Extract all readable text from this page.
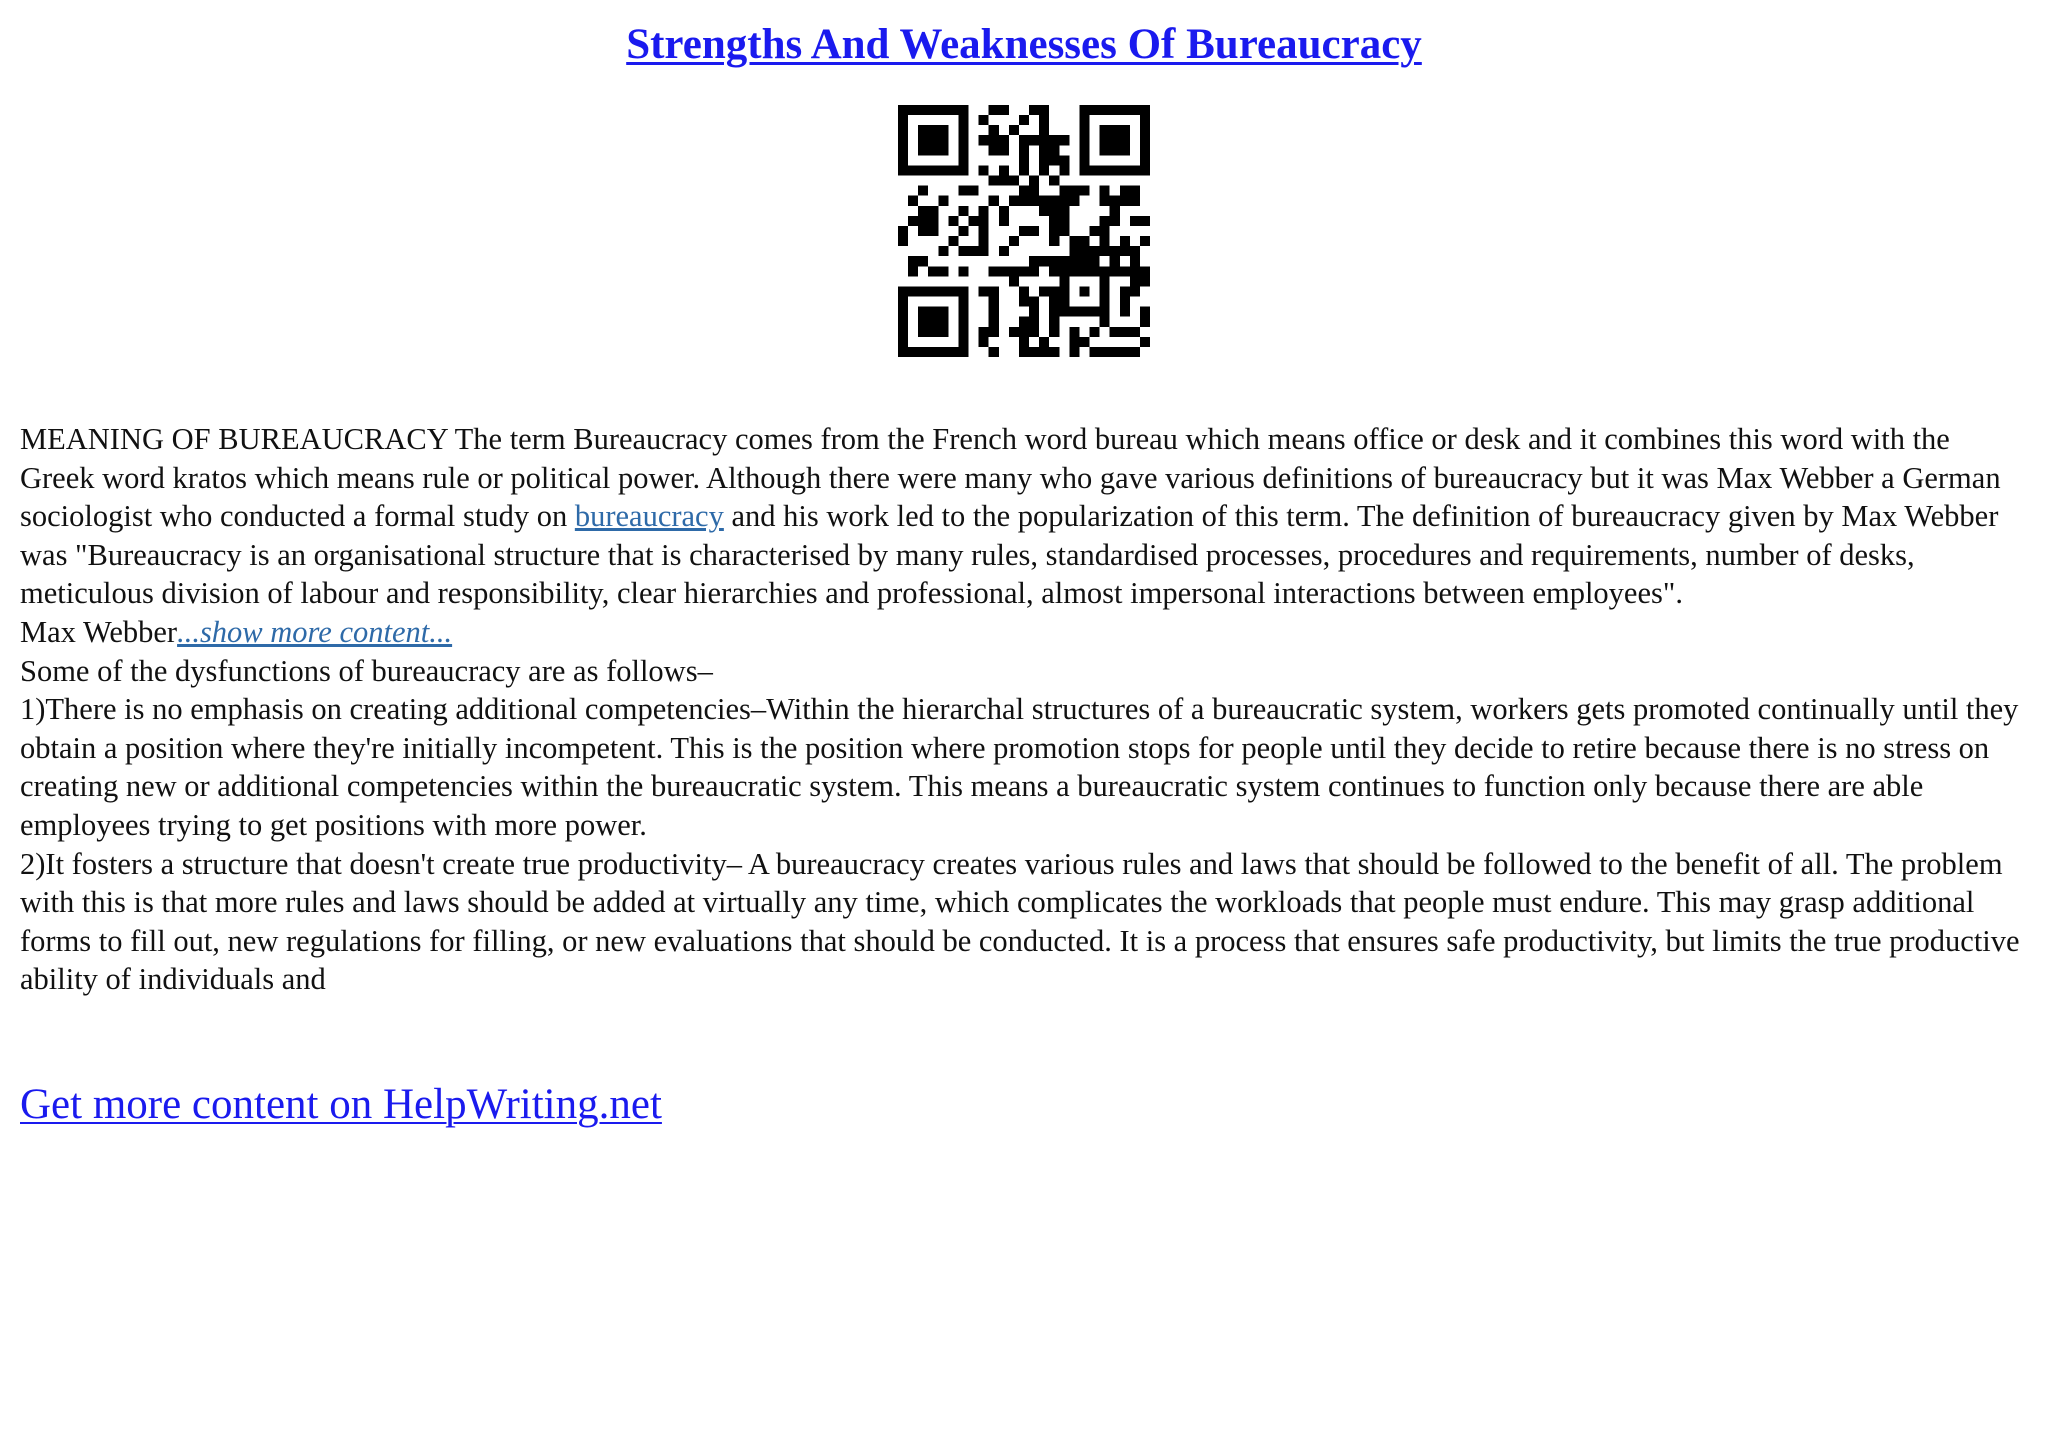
Strengths And Weaknesses Of Bureaucracy

MEANING OF BUREAUCRACY The term Bureaucracy comes from the French word bureau which means office or desk and it combines this word with the Greek word kratos which means rule or political power. Although there were many who gave various definitions of bureaucracy but it was Max Webber a German sociologist who conducted a formal study on bureaucracy and his work led to the popularization of this term. The definition of bureaucracy given by Max Webber was "Bureaucracy is an organisational structure that is characterised by many rules, standardised processes, procedures and requirements, number of desks, meticulous division of labour and responsibility, clear hierarchies and professional, almost impersonal interactions between employees".

Max Webber...show more content...

Some of the dysfunctions of bureaucracy are as follows–

1)There is no emphasis on creating additional competencies–Within the hierarchal structures of a bureaucratic system, workers gets promoted continually until they obtain a position where they're initially incompetent. This is the position where promotion stops for people until they decide to retire because there is no stress on creating new or additional competencies within the bureaucratic system. This means a bureaucratic system continues to function only because there are able employees trying to get positions with more power.

2)It fosters a structure that doesn't create true productivity– A bureaucracy creates various rules and laws that should be followed to the benefit of all. The problem with this is that more rules and laws should be added at virtually any time, which complicates the workloads that people must endure. This may grasp additional forms to fill out, new regulations for filling, or new evaluations that should be conducted. It is a process that ensures safe productivity, but limits the true productive ability of individuals and

Get more content on HelpWriting.net
